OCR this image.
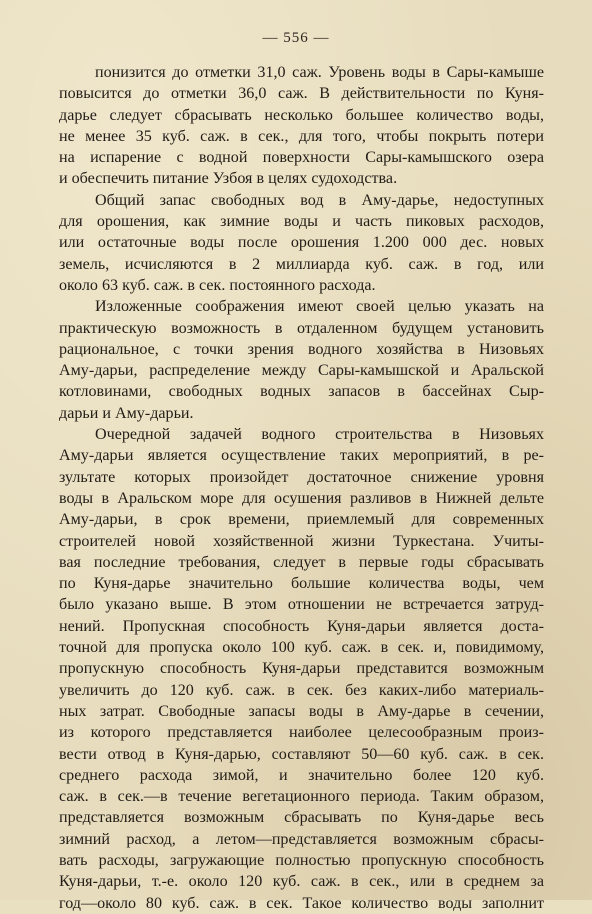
— 556 —
понизится до отметки 31,0 саж. Уровень воды в Сары-камыше
повысится до отметки 36,0 саж. В действительности по Куня-
дарье следует сбрасывать несколько большее количество воды,
не менее 35 куб. саж. в сек., для того, чтобы покрыть потери
на испарение с водной поверхности Сары-камышского озера
и обеспечить питание Узбоя в целях судоходства.
Общий запас свободных вод в Аму-дарье, недоступных
для орошения, как зимние воды и часть пиковых расходов,
или остаточные воды после орошения 1.200 000 дес. новых
земель, исчисляются в 2 миллиарда куб. саж. в год, или
около 63 куб. саж. в сек. постоянного расхода.
Изложенные соображения имеют своей целью указать на
практическую возможность в отдаленном будущем установить
рациональное, с точки зрения водного хозяйства в Низовьях
Аму-дарьи, распределение между Сары-камышской и Аральской
котловинами, свободных водных запасов в бассейнах Сыр-
дарьи и Аму-дарьи.
Очередной задачей водного строительства в Низовьях
Аму-дарьи является осуществление таких мероприятий, в ре-
зультате которых произойдет достаточное снижение уровня
воды в Аральском море для осушения разливов в Нижней дельте
Аму-дарьи, в срок времени, приемлемый для современных
строителей новой хозяйственной жизни Туркестана. Учиты-
вая последние требования, следует в первые годы сбрасывать
по Куня-дарье значительно большие количества воды, чем
было указано выше. В этом отношении не встречается затруд-
нений. Пропускная способность Куня-дарьи является доста-
точной для пропуска около 100 куб. саж. в сек. и, повидимому,
пропускную способность Куня-дарьи представится возможным
увеличить до 120 куб. саж. в сек. без каких-либо материаль-
ных затрат. Свободные запасы воды в Аму-дарье в сечении,
из которого представляется наиболее целесообразным произ-
вести отвод в Куня-дарью, составляют 50—60 куб. саж. в сек.
среднего расхода зимой, и значительно более 120 куб.
саж. в сек.—в течение вегетационного периода. Таким образом,
представляется возможным сбрасывать по Куня-дарье весь
зимний расход, а летом—представляется возможным сбрасы-
вать расходы, загружающие полностью пропускную способность
Куня-дарьи, т.-е. около 120 куб. саж. в сек., или в среднем за
год—около 80 куб. саж. в сек. Такое количество воды заполнит
